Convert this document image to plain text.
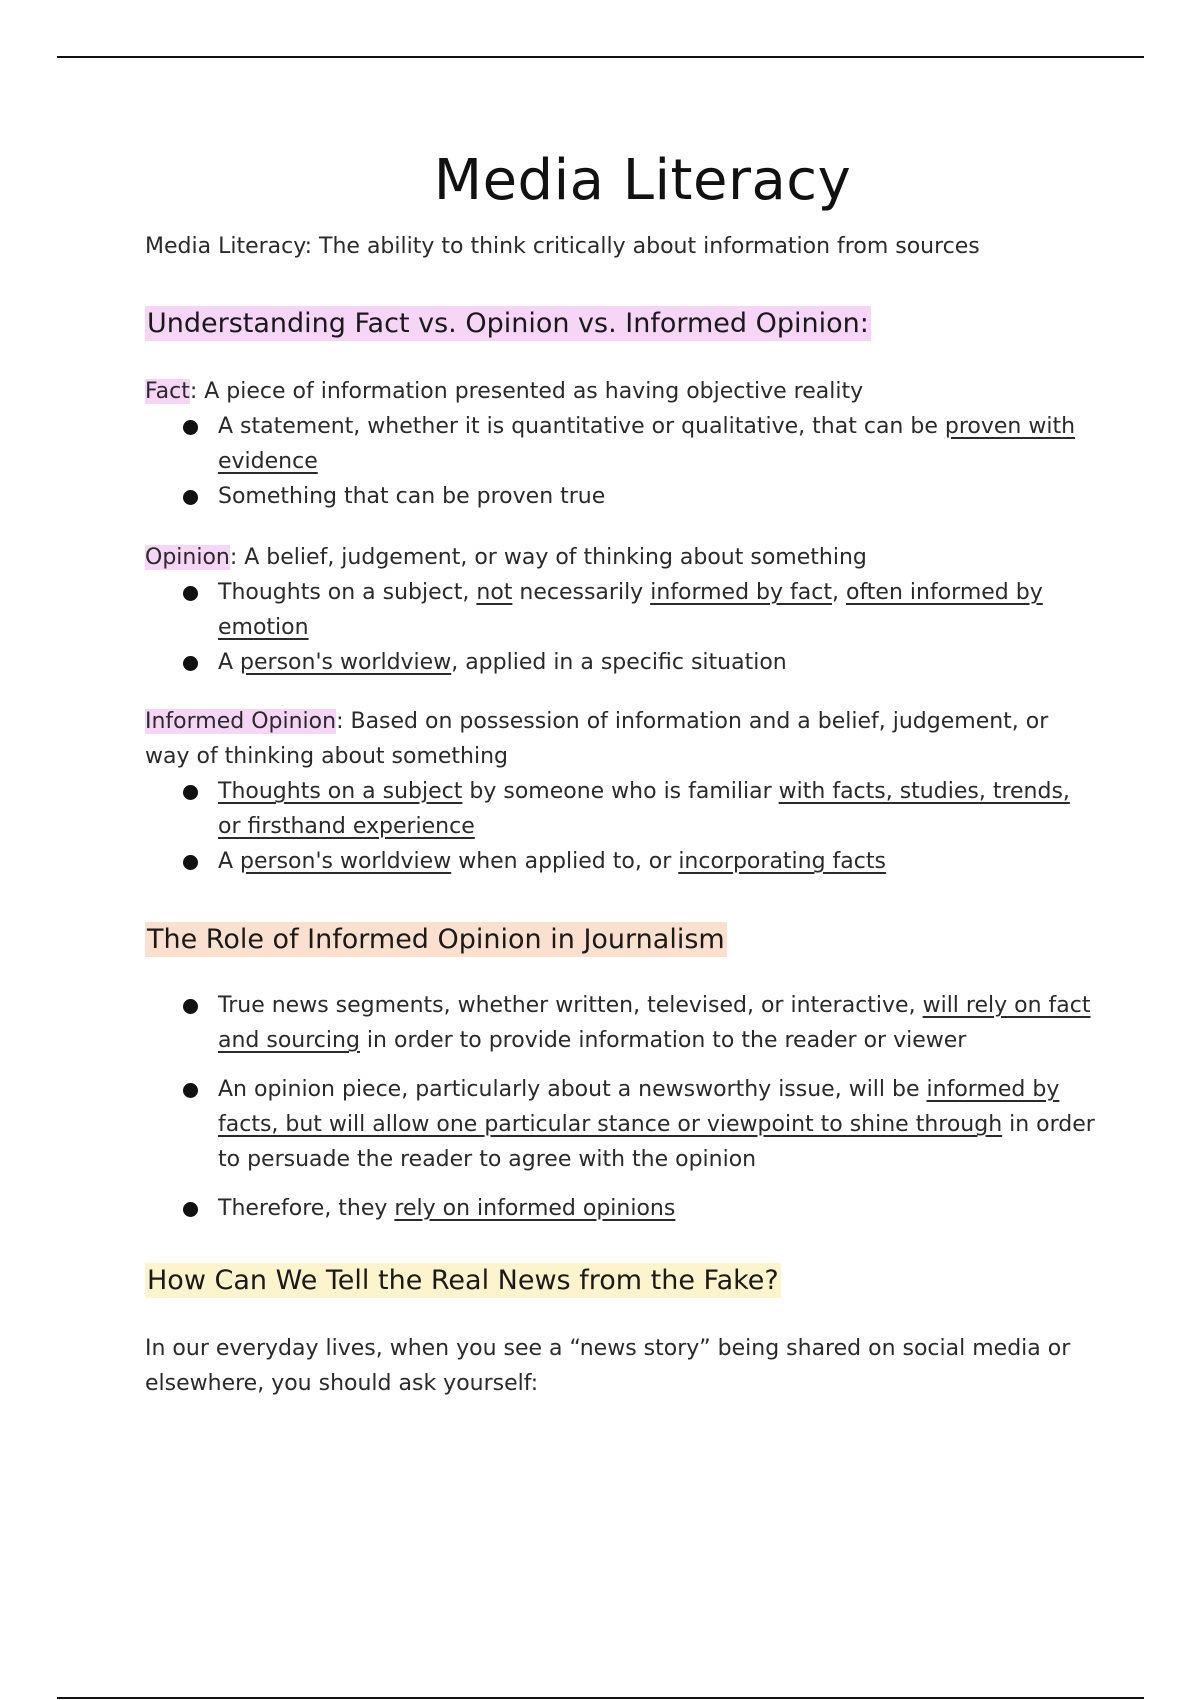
Media Literacy

Media Literacy: The ability to think critically about information from sources

Understanding Fact vs. Opinion vs. Informed Opinion:
Fact: A piece of information presented as having objective reality
A statement, whether it is quantitative or qualitative, that can be proven with evidence
Something that can be proven true
Opinion: A belief, judgement, or way of thinking about something
Thoughts on a subject, not necessarily informed by fact, often informed by emotion
A person's worldview, applied in a specific situation
Informed Opinion: Based on possession of information and a belief, judgement, or way of thinking about something
Thoughts on a subject by someone who is familiar with facts, studies, trends, or firsthand experience
A person's worldview when applied to, or incorporating facts
The Role of Informed Opinion in Journalism
True news segments, whether written, televised, or interactive, will rely on fact and sourcing in order to provide information to the reader or viewer
An opinion piece, particularly about a newsworthy issue, will be informed by facts, but will allow one particular stance or viewpoint to shine through in order to persuade the reader to agree with the opinion
Therefore, they rely on informed opinions
How Can We Tell the Real News from the Fake?

In our everyday lives, when you see a “news story” being shared on social media or elsewhere, you should ask yourself:
